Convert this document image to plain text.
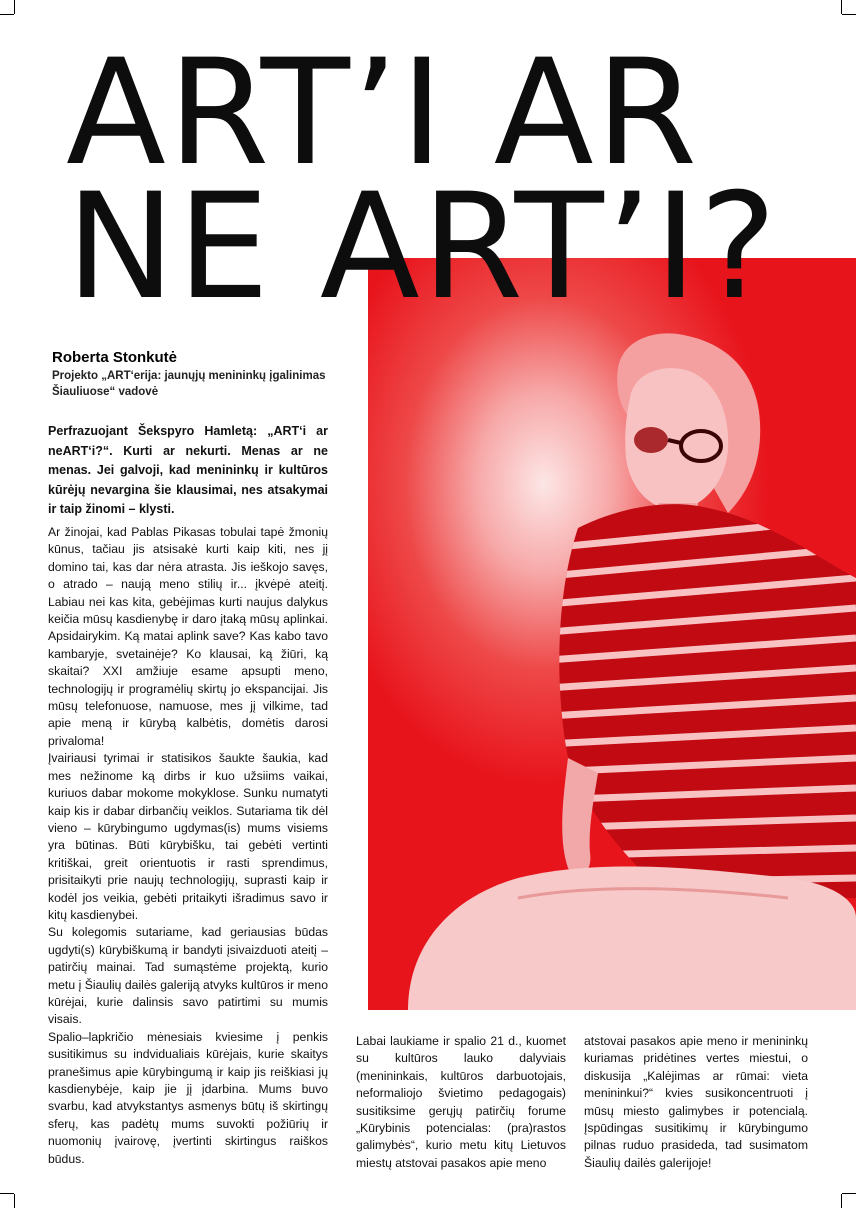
ART’I AR
NE ART’I?
Roberta Stonkutė
Projekto „ART‘erija: jaunųjų menininkų įgalinimas Šiauliuose“ vadovė
Perfrazuojant Šekspyro Hamletą: „ART‘i ar neART‘i?“. Kurti ar nekurti. Menas ar ne menas. Jei galvoji, kad menininkų ir kultūros kūrėjų nevargina šie klausimai, nes atsakymai ir taip žinomi – klysti.

Ar žinojai, kad Pablas Pikasas tobulai tapė žmonių kūnus, tačiau jis atsisakė kurti kaip kiti, nes jį domino tai, kas dar nėra atrasta. Jis ieškojo savęs, o atrado – naują meno stilių ir... įkvėpė ateitį. Labiau nei kas kita, gebėjimas kurti naujus dalykus keičia mūsų kasdienybę ir daro įtaką mūsų aplinkai. Apsidairykim. Ką matai aplink save? Kas kabo tavo kambaryje, svetainėje? Ko klausai, ką žiūri, ką skaitai? XXI amžiuje esame apsupti meno, technologijų ir programėlių skirtų jo ekspancijai. Jis mūsų telefonuose, namuose, mes jį vilkime, tad apie meną ir kūrybą kalbėtis, domėtis darosi privaloma!

Įvairiausi tyrimai ir statisikos šaukte šaukia, kad mes nežinome ką dirbs ir kuo užsiims vaikai, kuriuos dabar mokome mokyklose. Sunku numatyti kaip kis ir dabar dirbančių veiklos. Sutariama tik dėl vieno – kūrybingumo ugdymas(is) mums visiems yra būtinas. Būti kūrybišku, tai gebėti vertinti kritiškai, greit orientuotis ir rasti sprendimus, prisitaikyti prie naujų technologijų, suprasti kaip ir kodėl jos veikia, gebėti pritaikyti išradimus savo ir kitų kasdienybei.

Su kolegomis sutariame, kad geriausias būdas ugdyti(s) kūrybiškumą ir bandyti įsivaizduoti ateitį – patirčių mainai. Tad sumąstėme projektą, kurio metu į Šiaulių dailės galeriją atvyks kultūros ir meno kūrėjai, kurie dalinsis savo patirtimi su mumis visais.

Spalio–lapkričio mėnesiais kviesime į penkis susitikimus su indvidualiais kūrėjais, kurie skaitys pranešimus apie kūrybingumą ir kaip jis reiškiasi jų kasdienybėje, kaip jie jį įdarbina. Mums buvo svarbu, kad atvykstantys asmenys būtų iš skirtingų sferų, kas padėtų mums suvokti požiūrių ir nuomonių įvairovę, įvertinti skirtingus raiškos būdus.

Labai laukiame ir spalio 21 d., kuomet su kultūros lauko dalyviais (menininkais, kultūros darbuotojais, neformaliojo švietimo pedagogais) susitiksime gerųjų patirčių forume „Kūrybinis potencialas: (pra)rastos galimybės“, kurio metu kitų Lietuvos miestų atstovai pasakos apie meno

atstovai pasakos apie meno ir menininkų kuriamas pridėtines vertes miestui, o diskusija „Kalėjimas ar rūmai: vieta menininkui?“ kvies susikoncentruoti į mūsų miesto galimybes ir potencialą. Įspūdingas susitikimų ir kūrybingumo pilnas ruduo prasideda, tad susimatom Šiaulių dailės galerijoje!
